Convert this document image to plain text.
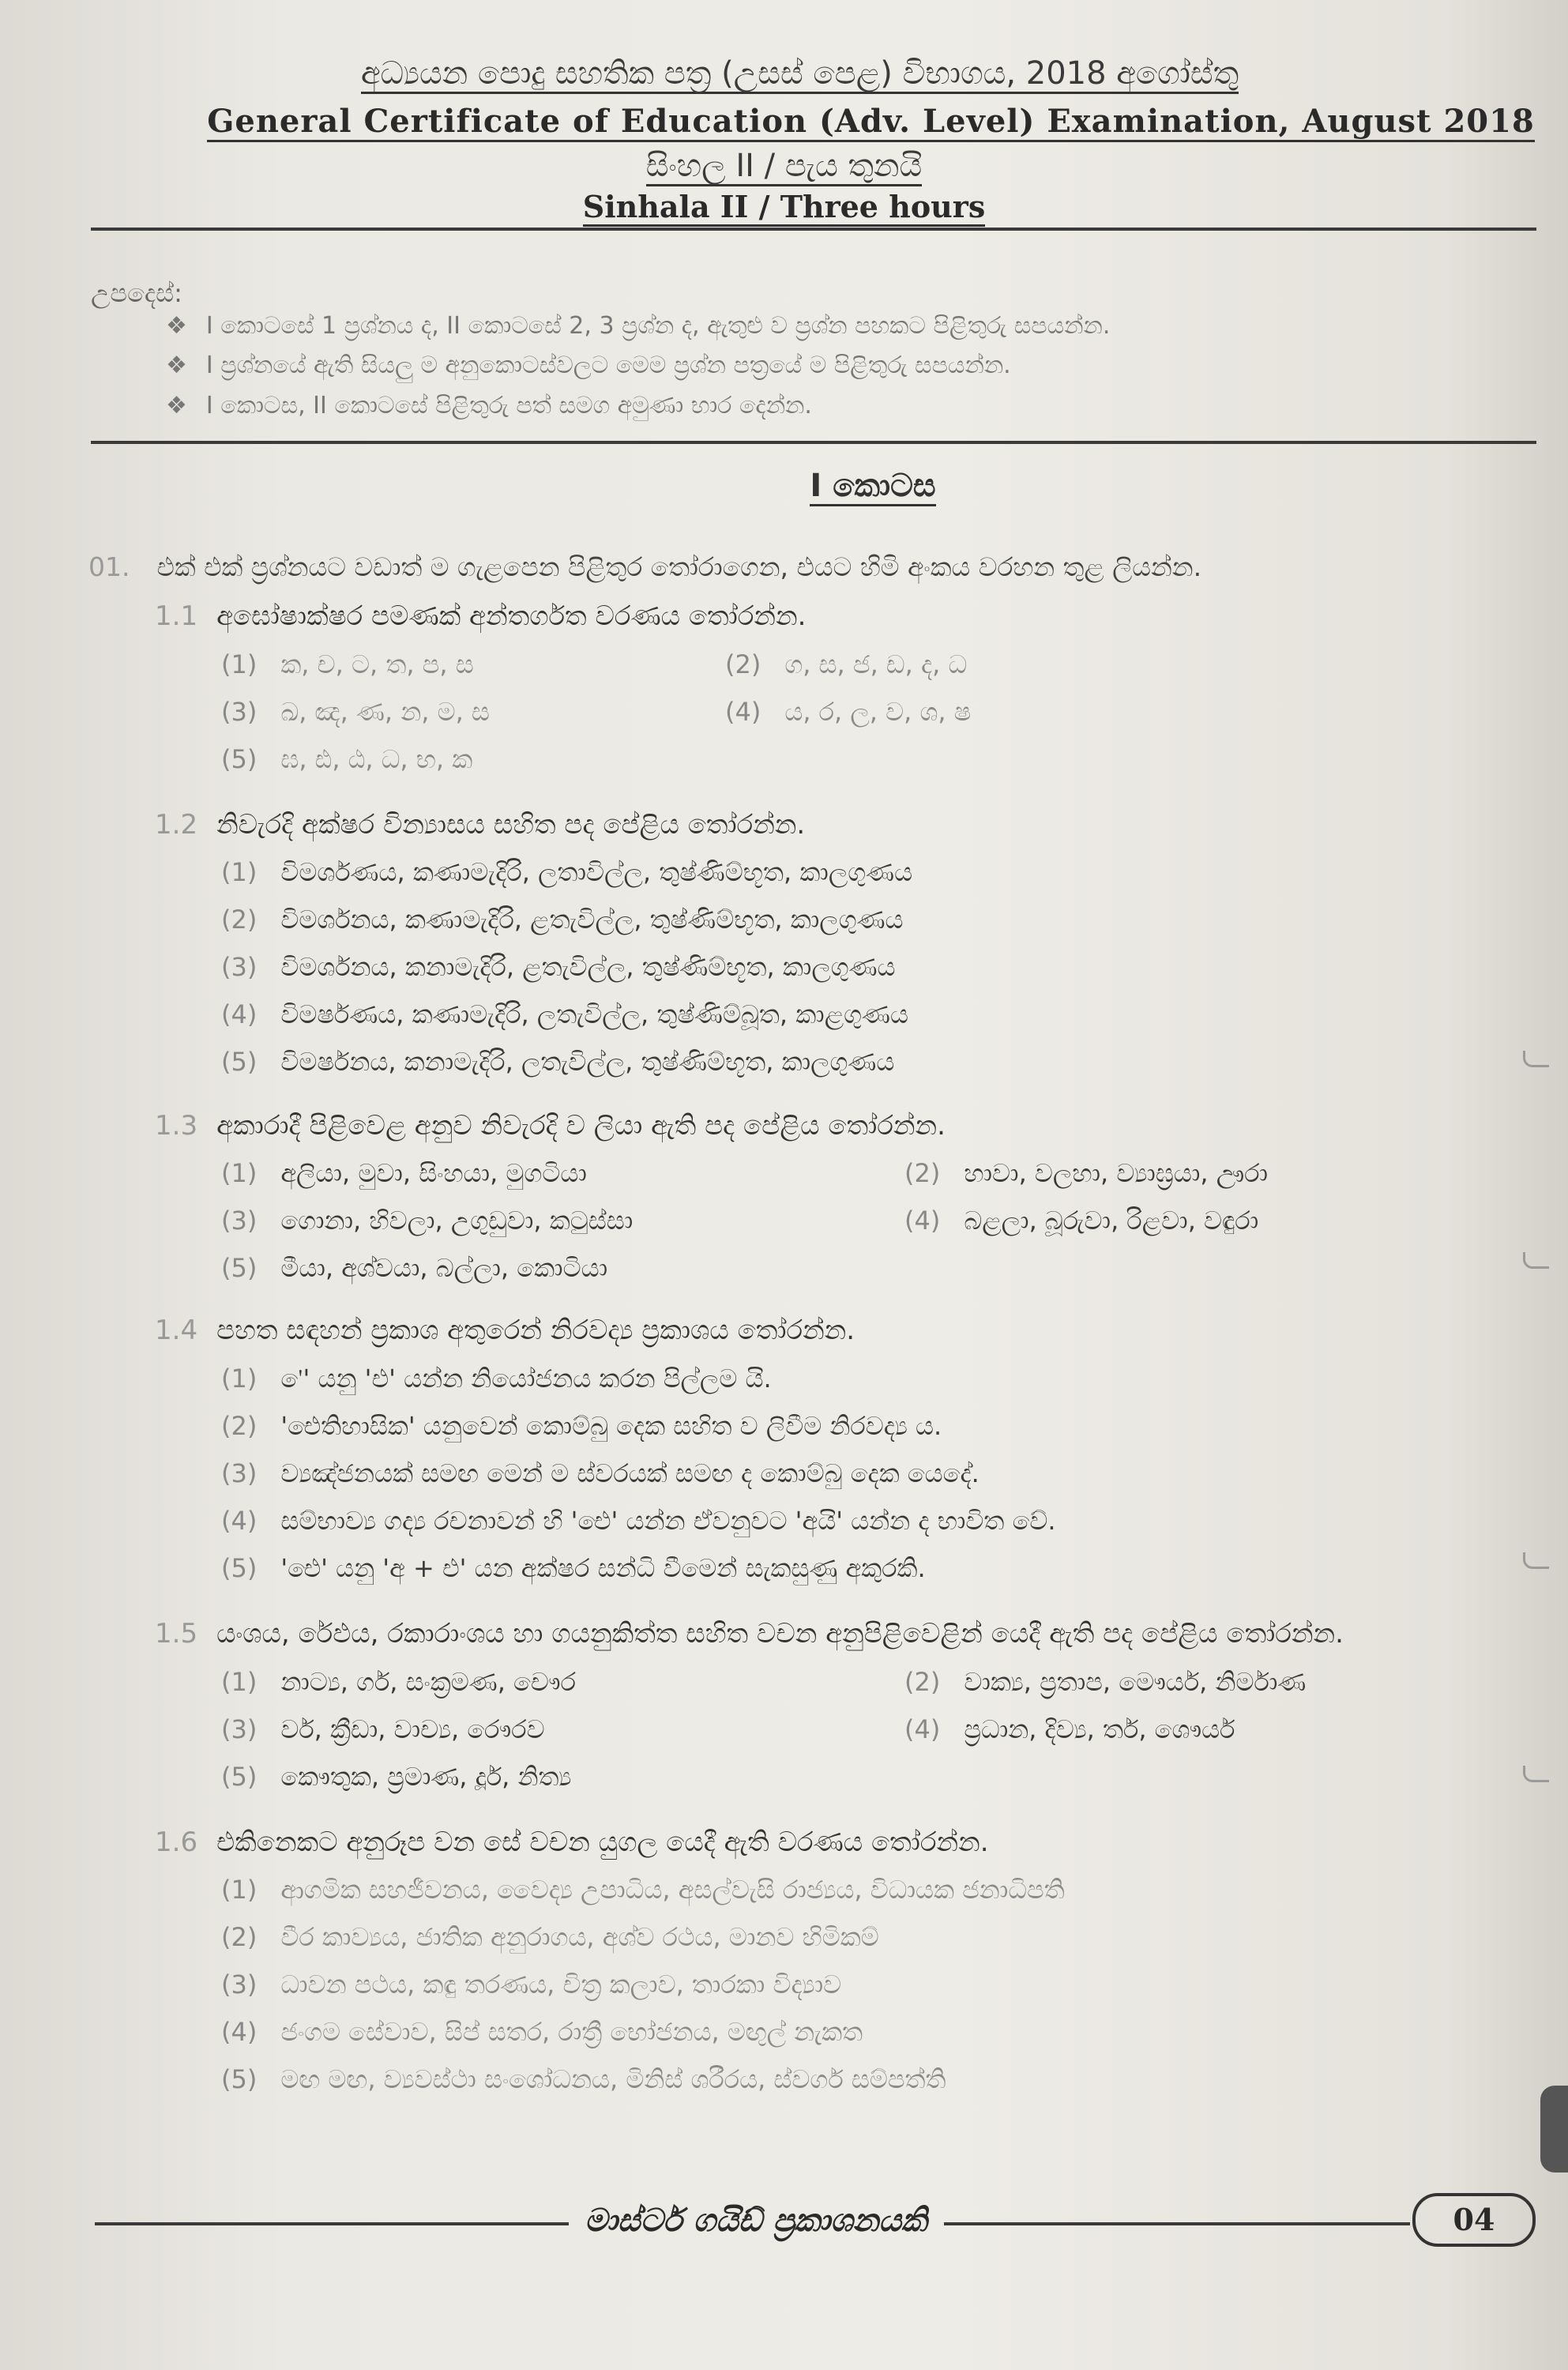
අධ්‍යයන පොදු සහතික පත්‍ර (උසස් පෙළ) විභාගය, 2018 අගෝස්තු
General Certificate of Education (Adv. Level) Examination, August 2018
සිංහල II / පැය තුනයි
Sinhala II / Three hours
උපදෙස්:
❖ I කොටසේ 1 ප්‍රශ්නය ද, II කොටසේ 2, 3 ප්‍රශ්න ද, ඇතුළු ව ප්‍රශ්න පහකට පිළිතුරු සපයන්න.
❖ I ප්‍රශ්නයේ ඇති සියලු ම අනුකොටස්වලට මෙම ප්‍රශ්න පත්‍රයේ ම පිළිතුරු සපයන්න.
❖ I කොටස, II කොටසේ පිළිතුරු පත් සමග අමුණා භාර දෙන්න.
I කොටස
01. එක් එක් ප්‍රශ්නයට වඩාත් ම ගැළපෙන පිළිතුර තෝරාගෙන, එයට හිමි අංකය වරහන තුළ ලියන්න.
1.1 අඝෝෂාක්ෂර පමණක් අන්තර්ගත වරණය තෝරන්න.
(1) ක, ච, ට, ත, ප, ස	(2) ග, ස, ජ, ඩ, ද, ධ
(3) ඛ, ඤ, ණ, න, ම, ස	(4) ය, ර, ල, ව, ශ, ෂ
(5) ඝ, ඪ, ඨ, ධ, භ, ක
1.2 නිවැරදි අක්ෂර වින්‍යාසය සහිත පද පේළිය තෝරන්න.
(1) විමර්ශණය, කණාමැදිරි, ලතාවිල්ල, තුෂ්ණිම්භූත, කාලගුණය
(2) විමර්ශනය, කණාමැදිරි, ළතැවිල්ල, තුෂ්ණිම්භූත, කාලගුණය
(3) විමර්ශනය, කනාමැදිරි, ළතැවිල්ල, තුෂ්ණිම්භූත, කාලගුණය
(4) විමර්ෂණය, කණාමැදිරි, ලතැවිල්ල, තුෂ්ණිම්බූත, කාළගුණය
(5) විමර්ෂනය, කනාමැදිරි, ලතැවිල්ල, තුෂ්ණිම්භූත, කාලගුණය
1.3 අකාරාදී පිළිවෙළ අනුව නිවැරදි ව ලියා ඇති පද පේළිය තෝරන්න.
(1) අලියා, මුවා, සිංහයා, මුගටියා	(2) හාවා, වලහා, ව්‍යාඝ්‍රයා, ඌරා
(3) ගොනා, හිවලා, උගුඩුවා, කටුස්සා	(4) බළලා, බූරුවා, රිළවා, වඳුරා
(5) මීයා, අශ්වයා, බල්ලා, කොටියා
1.4 පහත සඳහන් ප්‍රකාශ අතුරෙන් නිරවද්‍ය ප්‍රකාශය තෝරන්න.
(1) 'ෙ' යනු 'එ' යන්න නියෝජනය කරන පිල්ලම යි.
(2) 'ඓතිහාසික' යනුවෙන් කොම්බු දෙක සහිත ව ලිවීම නිරවද්‍ය ය.
(3) ව්‍යඤ්ජනයක් සමඟ මෙන් ම ස්වරයක් සමඟ ද කොම්බු දෙක යෙදේ.
(4) සම්භාව්‍ය ගද්‍ය රචනාවන් හි 'ඓ' යන්න ඒවනුවට 'අයි' යන්න ද භාවිත වේ.
(5) 'ඓ' යනු 'අ + එ' යන අක්ෂර සන්ධි වීමෙන් සැකසුණු අකුරකි.
1.5 යංශය, රේඵය, රකාරාංශය හා ගයනුකිත්ත සහිත වචන අනුපිළිවෙළින් යෙදී ඇති පද පේළිය තෝරන්න.
(1) නාට්‍ය, ගර්, සංක්‍රමණ, චෞර	(2) වාක්‍ය, ප්‍රතාප, මෞර්ය, නිර්මාණ
(3) වර්, ක්‍රීඩා, වාච්‍ය, රෞරව	(4) ප්‍රධාන, දිව්‍ය, තර්, ශෞර්ය
(5) කෞතුක, ප්‍රමාණ, දූර්, නිත්‍ය
1.6 එකිනෙකට අනුරූප වන සේ වචන යුගල යෙදී ඇති වරණය තෝරන්න.
(1) ආගමික සහජීවනය, වෛද්‍ය උපාධිය, අසල්වැසි රාජ්‍යය, විධායක ජනාධිපති
(2) වීර කාව්‍යය, ජාතික අනුරාගය, අශ්ව රථය, මානව හිමිකම්
(3) ධාවන පථය, කඳු තරණය, චිත්‍ර කලාව, තාරකා විද්‍යාව
(4) ජංගම සේවාව, සිප් සතර, රාත්‍රී භෝජනය, මඟුල් නැකත
(5) මඟ මඟ, ව්‍යවස්ථා සංශෝධනය, මිනිස් ශරීරය, ස්වර්ග සම්පත්ති
මාස්ටර් ගයිඩ් ප්‍රකාශනයකි	04
